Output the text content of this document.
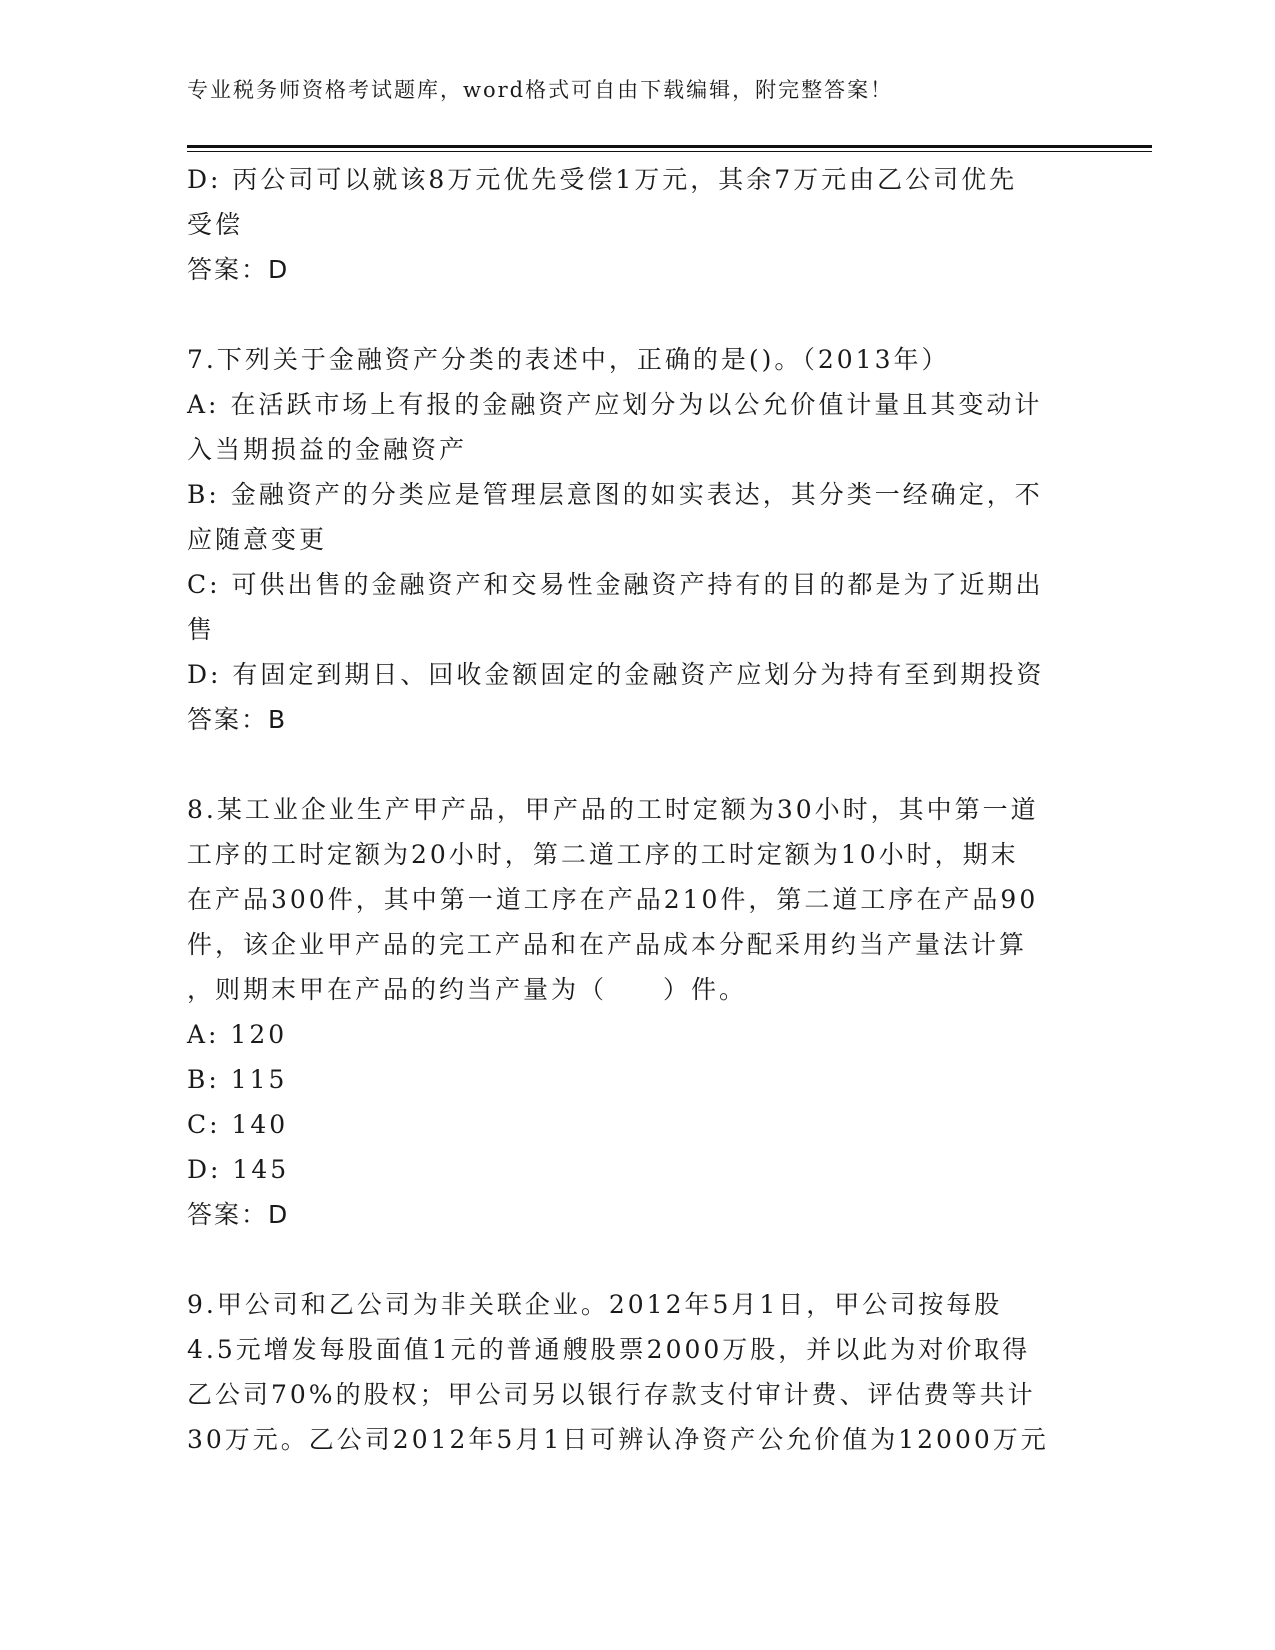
专业税务师资格考试题库，word格式可自由下载编辑，附完整答案！
D: 丙公司可以就该8万元优先受偿1万元，其余7万元由乙公司优先
受偿
答案：D
7.下列关于金融资产分类的表述中，正确的是()。（2013年）
A: 在活跃市场上有报的金融资产应划分为以公允价值计量且其变动计
入当期损益的金融资产
B: 金融资产的分类应是管理层意图的如实表达，其分类一经确定，不
应随意变更
C: 可供出售的金融资产和交易性金融资产持有的目的都是为了近期出
售
D: 有固定到期日、回收金额固定的金融资产应划分为持有至到期投资
答案：B
8.某工业企业生产甲产品，甲产品的工时定额为30小时，其中第一道
工序的工时定额为20小时，第二道工序的工时定额为10小时，期末
在产品300件，其中第一道工序在产品210件，第二道工序在产品90
件，该企业甲产品的完工产品和在产品成本分配采用约当产量法计算
，则期末甲在产品的约当产量为（　　）件。
A: 120
B: 115
C: 140
D: 145
答案：D
9.甲公司和乙公司为非关联企业。2012年5月1日，甲公司按每股
4.5元增发每股面值1元的普通艘股票2000万股，并以此为对价取得
乙公司70%的股权；甲公司另以银行存款支付审计费、评估费等共计
30万元。乙公司2012年5月1日可辨认净资产公允价值为12000万元
